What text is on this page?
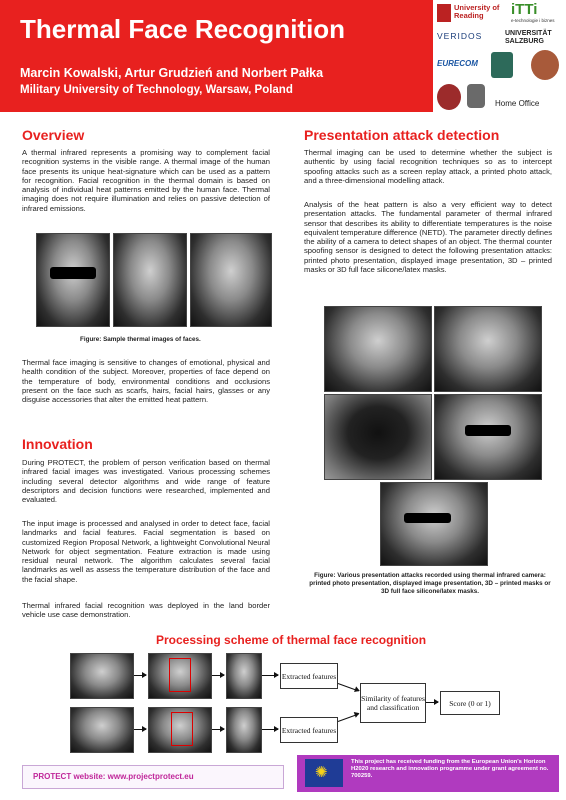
Thermal Face Recognition
Marcin Kowalski, Artur Grudzień and Norbert Pałka
Military University of Technology, Warsaw, Poland
University of Reading	iTTi
e-technologie i biznes
VERIDOS	UNIVERSITÄT SALZBURG
EURECOM
Home Office
Overview
A thermal infrared represents a promising way to complement facial recognition systems in the visible range. A thermal image of the human face presents its unique heat-signature which can be used as a pattern for recognition. Facial recognition in the thermal domain is based on analysis of individual heat patterns emitted by the human face. Thermal imaging does not require illumination and relies on passive detection of infrared emissions.
Figure: Sample thermal images of faces.
Thermal face imaging is sensitive to changes of emotional, physical and health condition of the subject. Moreover, properties of face depend on the temperature of body, environmental conditions and occlusions present on the face such as scarfs, hairs, facial hairs, glasses or any disguise accessories that alter the emitted heat pattern.
Innovation
During PROTECT, the problem of person verification based on thermal infrared facial images was investigated. Various processing schemes including several detector algorithms and wide range of feature descriptors and decision functions were researched, implemented and evaluated.
The input image is processed and analysed in order to detect face, facial landmarks and facial features. Facial segmentation is based on customized Region Proposal Network, a lightweight Convolutional Neural Network for object segmentation. Feature extraction is made using residual neural network. The algorithm calculates several facial landmarks as well as assess the temperature distribution of the face and the facial shape.
Thermal infrared facial recognition was deployed in the land border vehicle use case demonstration.
Presentation attack detection
Thermal imaging can be used to determine whether the subject is authentic by using facial recognition techniques so as to intercept spoofing attacks such as a screen replay attack, a printed photo attack, and a three-dimensional modelling attack.
Analysis of the heat pattern is also a very efficient way to detect presentation attacks. The fundamental parameter of thermal infrared sensor that describes its ability to differentiate temperatures is the noise equivalent temperature difference (NETD). The parameter directly defines the ability of a camera to detect shapes of an object. The thermal counter spoofing sensor is designed to detect the following presentation attacks: printed photo presentation, displayed image presentation, 3D – printed masks or 3D full face silicone/latex masks.
Figure: Various presentation attacks recorded using thermal infrared camera: printed photo presentation, displayed image presentation, 3D – printed masks or 3D full face silicone/latex masks.
Processing scheme of thermal face recognition
Extracted features
Extracted features
Similarity of features and classification	Score (0 or 1)
PROTECT website: www.projectprotect.eu	✺
This project has received funding from the European Union's Horizon H2020 research and innovation programme under grant agreement no. 700259.
